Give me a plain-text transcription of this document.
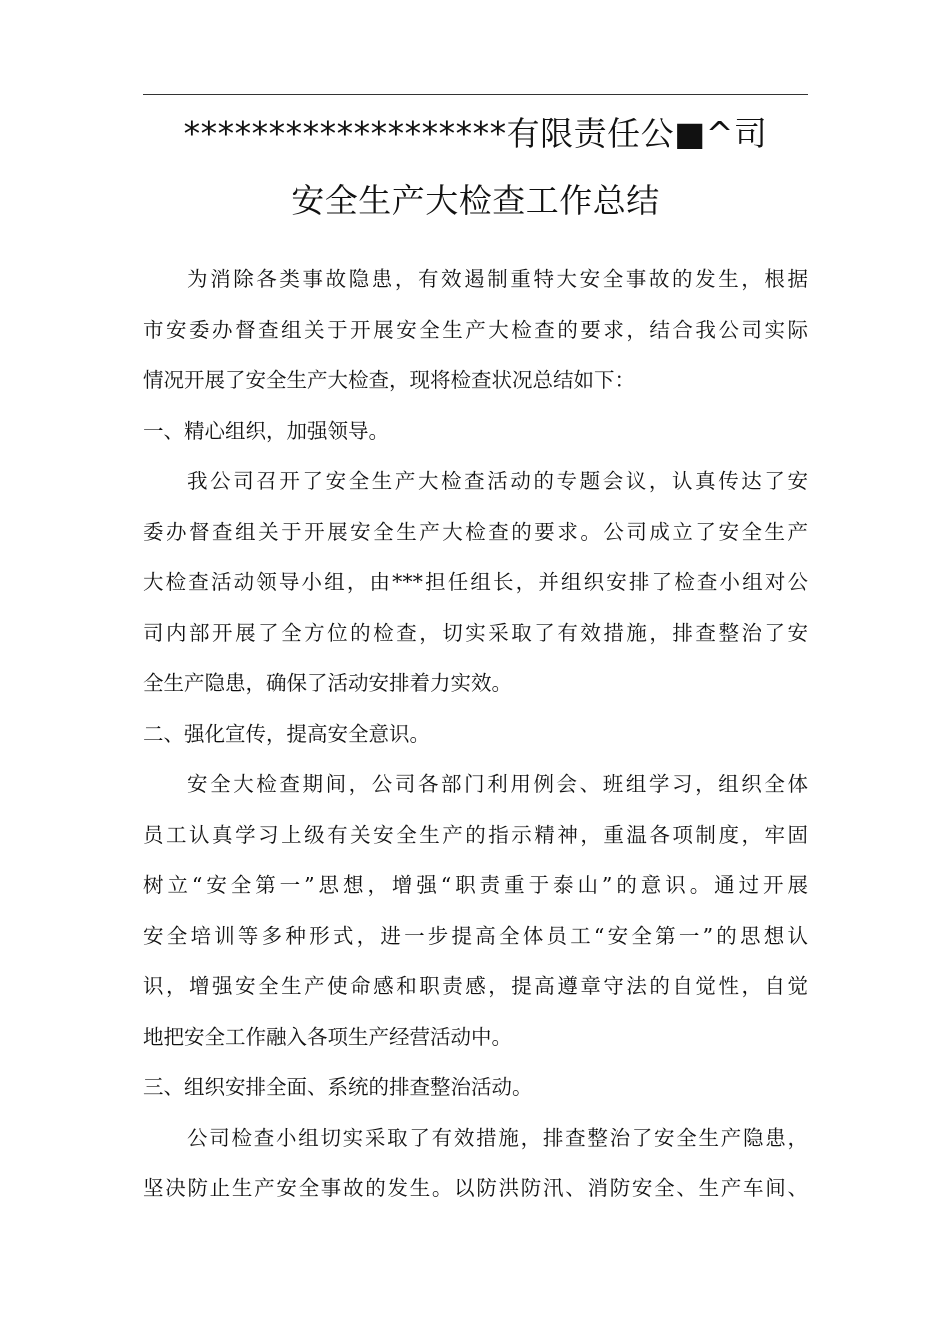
*******************有限责任公■^司
安全生产大检查工作总结
为消除各类事故隐患，有效遏制重特大安全事故的发生，根据
市安委办督查组关于开展安全生产大检查的要求，结合我公司实际
情况开展了安全生产大检查，现将检查状况总结如下：
一、精心组织，加强领导。
我公司召开了安全生产大检查活动的专题会议，认真传达了安
委办督查组关于开展安全生产大检查的要求。公司成立了安全生产
大检查活动领导小组，由***担任组长，并组织安排了检查小组对公
司内部开展了全方位的检查，切实采取了有效措施，排查整治了安
全生产隐患，确保了活动安排着力实效。
二、强化宣传，提高安全意识。
安全大检查期间，公司各部门利用例会、班组学习，组织全体
员工认真学习上级有关安全生产的指示精神，重温各项制度，牢固
树立“安全第一”思想，增强“职责重于泰山”的意识。通过开展
安全培训等多种形式，进一步提高全体员工“安全第一”的思想认
识，增强安全生产使命感和职责感，提高遵章守法的自觉性，自觉
地把安全工作融入各项生产经营活动中。
三、组织安排全面、系统的排查整治活动。
公司检查小组切实采取了有效措施，排查整治了安全生产隐患，
坚决防止生产安全事故的发生。以防洪防汛、消防安全、生产车间、
